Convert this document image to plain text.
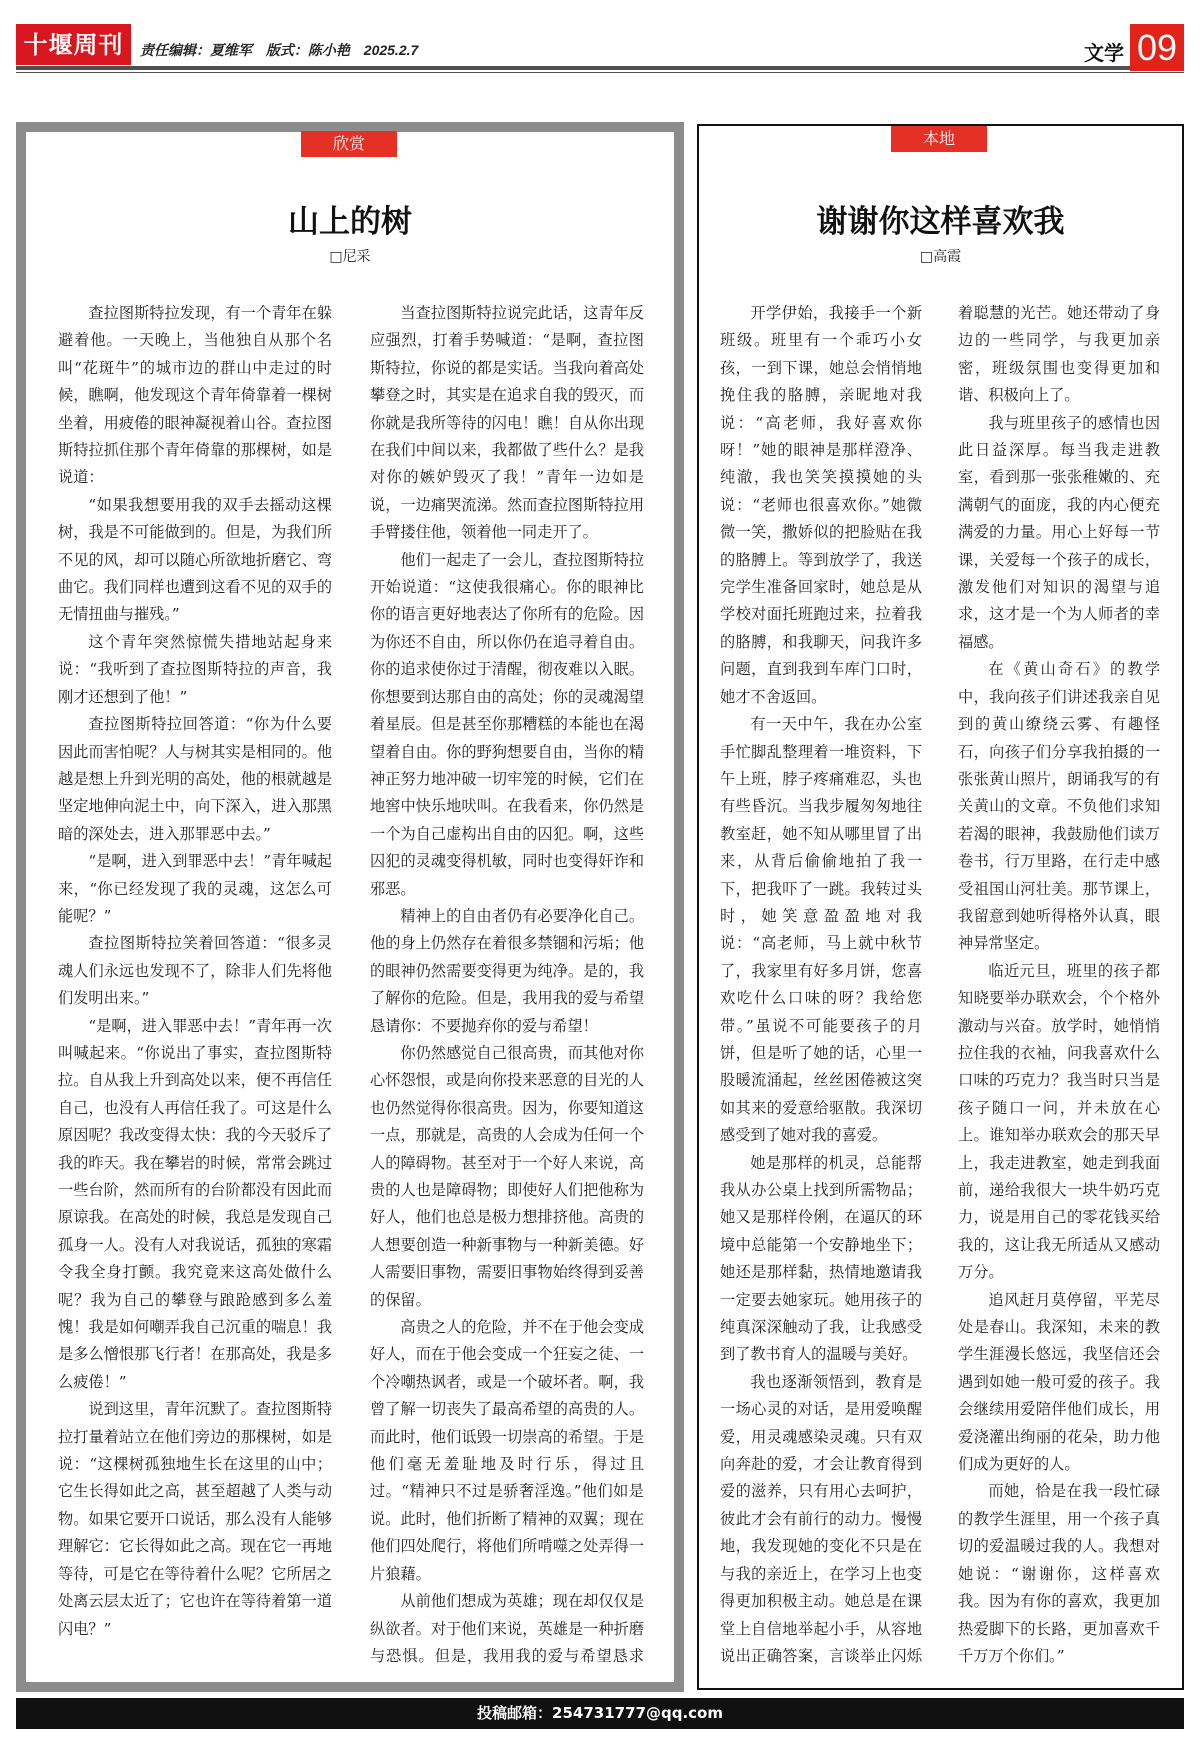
十堰周刊	责任编辑：夏维军 版式：陈小艳 2025.2.7	文学 09
欣赏
山上的树
□尼采

查拉图斯特拉发现，有一个青年在躲避着他。一天晚上，当他独自从那个名叫“花斑牛”的城市边的群山中走过的时候，瞧啊，他发现这个青年倚靠着一棵树坐着，用疲倦的眼神凝视着山谷。查拉图斯特拉抓住那个青年倚靠的那棵树，如是说道：

“如果我想要用我的双手去摇动这棵树，我是不可能做到的。但是，为我们所不见的风，却可以随心所欲地折磨它、弯曲它。我们同样也遭到这看不见的双手的无情扭曲与摧残。”

这个青年突然惊慌失措地站起身来说：“我听到了查拉图斯特拉的声音，我刚才还想到了他！”

查拉图斯特拉回答道：“你为什么要因此而害怕呢？人与树其实是相同的。他越是想上升到光明的高处，他的根就越是坚定地伸向泥土中，向下深入，进入那黑暗的深处去，进入那罪恶中去。”

“是啊，进入到罪恶中去！”青年喊起来，“你已经发现了我的灵魂，这怎么可能呢？”

查拉图斯特拉笑着回答道：“很多灵魂人们永远也发现不了，除非人们先将他们发明出来。”

“是啊，进入罪恶中去！”青年再一次叫喊起来。“你说出了事实，查拉图斯特拉。自从我上升到高处以来，便不再信任自己，也没有人再信任我了。可这是什么原因呢？我改变得太快：我的今天驳斥了我的昨天。我在攀岩的时候，常常会跳过一些台阶，然而所有的台阶都没有因此而原谅我。在高处的时候，我总是发现自己孤身一人。没有人对我说话，孤独的寒霜令我全身打颤。我究竟来这高处做什么呢？我为自己的攀登与踉跄感到多么羞愧！我是如何嘲弄我自己沉重的喘息！我是多么憎恨那飞行者！在那高处，我是多么疲倦！”

说到这里，青年沉默了。查拉图斯特拉打量着站立在他们旁边的那棵树，如是说：“这棵树孤独地生长在这里的山中；它生长得如此之高，甚至超越了人类与动物。如果它要开口说话，那么没有人能够理解它：它长得如此之高。现在它一再地等待，可是它在等待着什么呢？它所居之处离云层太近了；它也许在等待着第一道闪电？”

当查拉图斯特拉说完此话，这青年反应强烈，打着手势喊道：“是啊，查拉图斯特拉，你说的都是实话。当我向着高处攀登之时，其实是在追求自我的毁灭，而你就是我所等待的闪电！瞧！自从你出现在我们中间以来，我都做了些什么？是我对你的嫉妒毁灭了我！”青年一边如是说，一边痛哭流涕。然而查拉图斯特拉用手臂搂住他，领着他一同走开了。

他们一起走了一会儿，查拉图斯特拉开始说道：“这使我很痛心。你的眼神比你的语言更好地表达了你所有的危险。因为你还不自由，所以你仍在追寻着自由。你的追求使你过于清醒，彻夜难以入眠。你想要到达那自由的高处；你的灵魂渴望着星辰。但是甚至你那糟糕的本能也在渴望着自由。你的野狗想要自由，当你的精神正努力地冲破一切牢笼的时候，它们在地窖中快乐地吠叫。在我看来，你仍然是一个为自己虚构出自由的囚犯。啊，这些囚犯的灵魂变得机敏，同时也变得奸诈和邪恶。

精神上的自由者仍有必要净化自己。他的身上仍然存在着很多禁锢和污垢；他的眼神仍然需要变得更为纯净。是的，我了解你的危险。但是，我用我的爱与希望恳请你：不要抛弃你的爱与希望！

你仍然感觉自己很高贵，而其他对你心怀怨恨，或是向你投来恶意的目光的人也仍然觉得你很高贵。因为，你要知道这一点，那就是，高贵的人会成为任何一个人的障碍物。甚至对于一个好人来说，高贵的人也是障碍物；即使好人们把他称为好人，他们也总是极力想排挤他。高贵的人想要创造一种新事物与一种新美德。好人需要旧事物，需要旧事物始终得到妥善的保留。

高贵之人的危险，并不在于他会变成好人，而在于他会变成一个狂妄之徒、一个冷嘲热讽者，或是一个破坏者。啊，我曾了解一切丧失了最高希望的高贵的人。而此时，他们诋毁一切崇高的希望。于是他们毫无羞耻地及时行乐，得过且过。“精神只不过是骄奢淫逸。”他们如是说。此时，他们折断了精神的双翼；现在他们四处爬行，将他们所啃噬之处弄得一片狼藉。

从前他们想成为英雄；现在却仅仅是纵欲者。对于他们来说，英雄是一种折磨与恐惧。但是，我用我的爱与希望恳求

本地
谢谢你这样喜欢我
□高霞

开学伊始，我接手一个新班级。班里有一个乖巧小女孩，一到下课，她总会悄悄地挽住我的胳膊，亲昵地对我说：“高老师，我好喜欢你呀！”她的眼神是那样澄净、纯澈，我也笑笑摸摸她的头说：“老师也很喜欢你。”她微微一笑，撒娇似的把脸贴在我的胳膊上。等到放学了，我送完学生准备回家时，她总是从学校对面托班跑过来，拉着我的胳膊，和我聊天，问我许多问题，直到我到车库门口时，她才不舍返回。

有一天中午，我在办公室手忙脚乱整理着一堆资料，下午上班，脖子疼痛难忍，头也有些昏沉。当我步履匆匆地往教室赶，她不知从哪里冒了出来，从背后偷偷地拍了我一下，把我吓了一跳。我转过头时，她笑意盈盈地对我说：“高老师，马上就中秋节了，我家里有好多月饼，您喜欢吃什么口味的呀？我给您带。”虽说不可能要孩子的月饼，但是听了她的话，心里一股暖流涌起，丝丝困倦被这突如其来的爱意给驱散。我深切感受到了她对我的喜爱。

她是那样的机灵，总能帮我从办公桌上找到所需物品；她又是那样伶俐，在逼仄的环境中总能第一个安静地坐下；她还是那样黏，热情地邀请我一定要去她家玩。她用孩子的纯真深深触动了我，让我感受到了教书育人的温暖与美好。

我也逐渐领悟到，教育是一场心灵的对话，是用爱唤醒爱，用灵魂感染灵魂。只有双向奔赴的爱，才会让教育得到爱的滋养，只有用心去呵护，彼此才会有前行的动力。慢慢地，我发现她的变化不只是在与我的亲近上，在学习上也变得更加积极主动。她总是在课堂上自信地举起小手，从容地说出正确答案，言谈举止闪烁着聪慧的光芒。她还带动了身边的一些同学，与我更加亲密，班级氛围也变得更加和谐、积极向上了。

我与班里孩子的感情也因此日益深厚。每当我走进教室，看到那一张张稚嫩的、充满朝气的面庞，我的内心便充满爱的力量。用心上好每一节课，关爱每一个孩子的成长，激发他们对知识的渴望与追求，这才是一个为人师者的幸福感。

在《黄山奇石》的教学中，我向孩子们讲述我亲自见到的黄山缭绕云雾、有趣怪石，向孩子们分享我拍摄的一张张黄山照片，朗诵我写的有关黄山的文章。不负他们求知若渴的眼神，我鼓励他们读万卷书，行万里路，在行走中感受祖国山河壮美。那节课上，我留意到她听得格外认真，眼神异常坚定。

临近元旦，班里的孩子都知晓要举办联欢会，个个格外激动与兴奋。放学时，她悄悄拉住我的衣袖，问我喜欢什么口味的巧克力？我当时只当是孩子随口一问，并未放在心上。谁知举办联欢会的那天早上，我走进教室，她走到我面前，递给我很大一块牛奶巧克力，说是用自己的零花钱买给我的，这让我无所适从又感动万分。

追风赶月莫停留，平芜尽处是春山。我深知，未来的教学生涯漫长悠远，我坚信还会遇到如她一般可爱的孩子。我会继续用爱陪伴他们成长，用爱浇灌出绚丽的花朵，助力他们成为更好的人。

而她，恰是在我一段忙碌的教学生涯里，用一个孩子真切的爱温暖过我的人。我想对她说：“谢谢你，这样喜欢我。因为有你的喜欢，我更加热爱脚下的长路，更加喜欢千千万万个你们。”

投稿邮箱：254731777@qq.com
